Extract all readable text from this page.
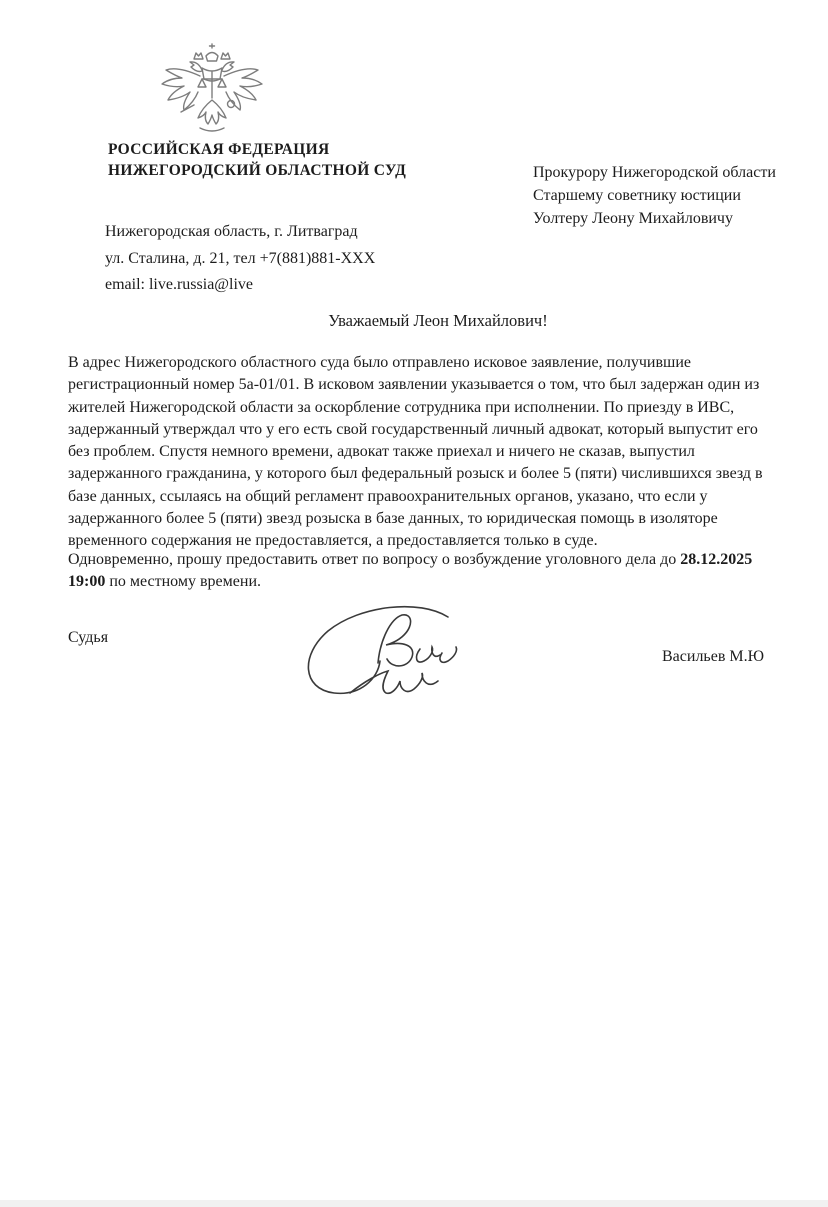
РОССИЙСКАЯ ФЕДЕРАЦИЯ
НИЖЕГОРОДСКИЙ ОБЛАСТНОЙ СУД	Прокурору Нижегородской области
Старшему советнику юстиции
Уолтеру Леону Михайловичу
Нижегородская область, г. Литваград
ул. Сталина, д. 21, тел +7(881)881-XXX
email: live.russia@live
Уважаемый Леон Михайлович!
В адрес Нижегородского областного суда было отправлено исковое заявление, получившие регистрационный номер 5а-01/01. В исковом заявлении указывается о том, что был задержан один из жителей Нижегородской области за оскорбление сотрудника при исполнении. По приезду в ИВС, задержанный утверждал что у его есть свой государственный личный адвокат, который выпустит его без проблем. Спустя немного времени, адвокат также приехал и ничего не сказав, выпустил задержанного гражданина, у которого был федеральный розыск и более 5 (пяти) числившихся звезд в базе данных, ссылаясь на общий регламент правоохранительных органов, указано, что если у задержанного более 5 (пяти) звезд розыска в базе данных, то юридическая помощь в изоляторе временного содержания не предоставляется, а предоставляется только в суде.
Одновременно, прошу предоставить ответ по вопросу о возбуждение уголовного дела до 28.12.2025 19:00 по местному времени.
Судья
Васильев М.Ю
